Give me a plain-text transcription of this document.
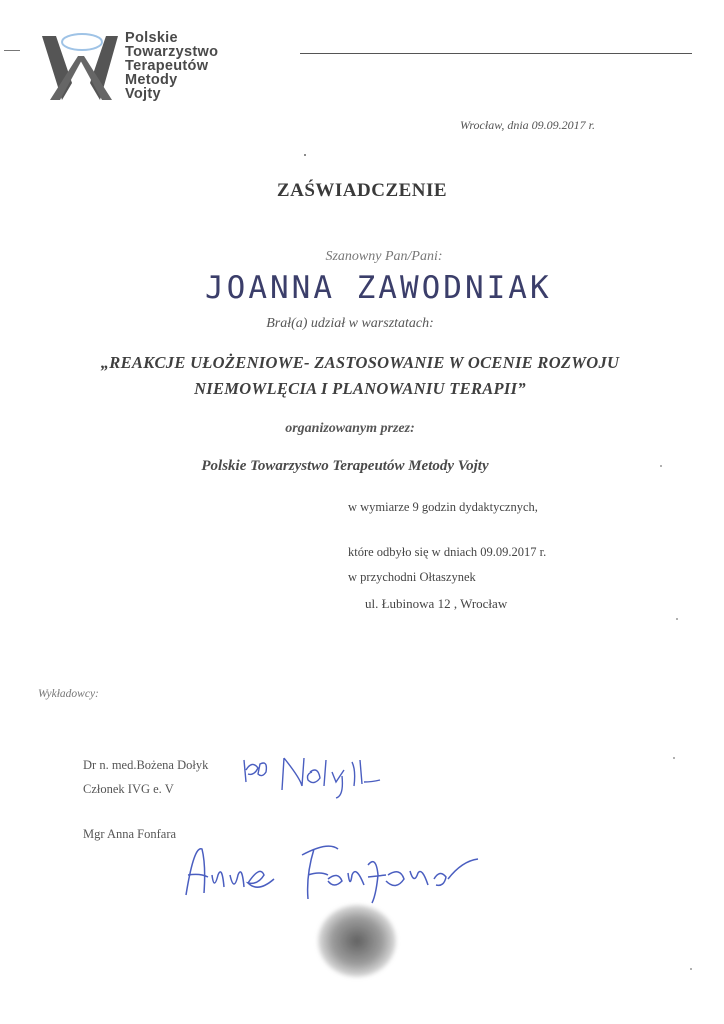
Polskie
Towarzystwo
Terapeutów
Metody
Vojty
Wrocław, dnia 09.09.2017 r.
ZAŚWIADCZENIE
Szanowny Pan/Pani:
JOANNA ZAWODNIAK
Brał(a) udział w warsztatach:
„REAKCJE UŁOŻENIOWE- ZASTOSOWANIE W OCENIE ROZWOJU
NIEMOWLĘCIA I PLANOWANIU TERAPII”
organizowanym przez:
Polskie Towarzystwo Terapeutów Metody Vojty
w wymiarze 9 godzin dydaktycznych,
które odbyło się w dniach 09.09.2017 r.
w przychodni Ołtaszynek
ul. Łubinowa 12 , Wrocław
Wykładowcy:
Dr n. med.Bożena Dołyk
Członek IVG e. V
Mgr Anna Fonfara
